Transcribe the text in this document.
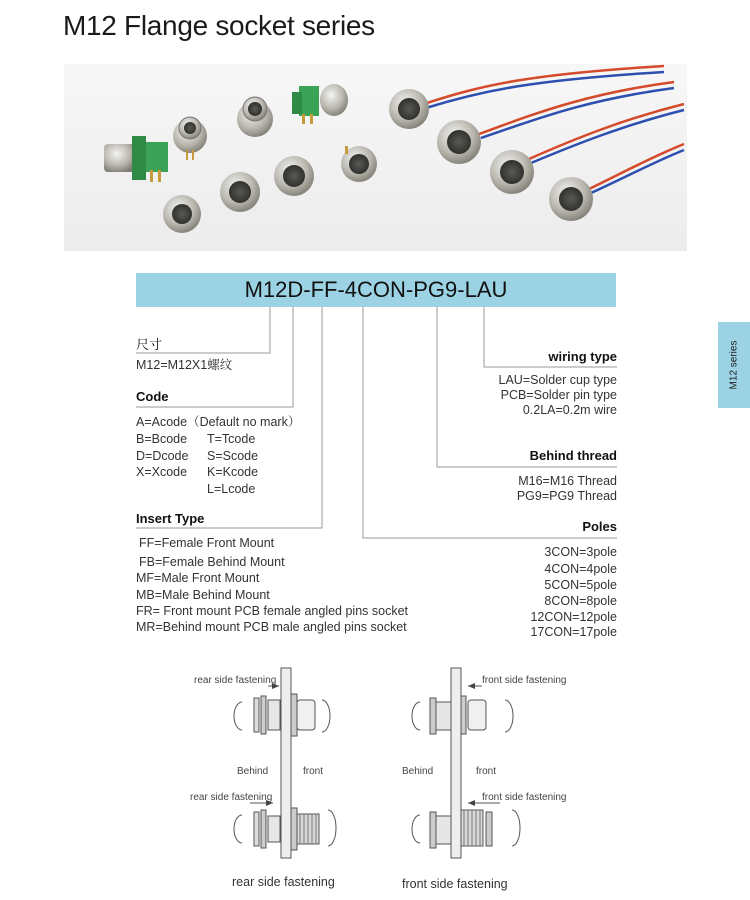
M12 Flange socket series
M12D-FF-4CON-PG9-LAU
M12 series
尺寸
M12=M12X1螺纹
Code
A=Acode（Default no mark）
B=Bcode
D=Dcode
X=Xcode
T=Tcode
S=Scode
K=Kcode
L=Lcode
Insert Type
FF=Female Front Mount
FB=Female Behind Mount
MF=Male Front Mount
MB=Male Behind Mount
FR= Front mount PCB female angled pins socket
MR=Behind mount PCB male angled pins socket
wiring type
LAU=Solder cup type
PCB=Solder pin type
0.2LA=0.2m wire
Behind thread
M16=M16 Thread
PG9=PG9 Thread
Poles
3CON=3pole
4CON=4pole
5CON=5pole
8CON=8pole
12CON=12pole
17CON=17pole
rear side fastening
rear side fastening
Behind	front
rear side fastening
front side fastening
front side fastening
Behind	front
front side fastening
